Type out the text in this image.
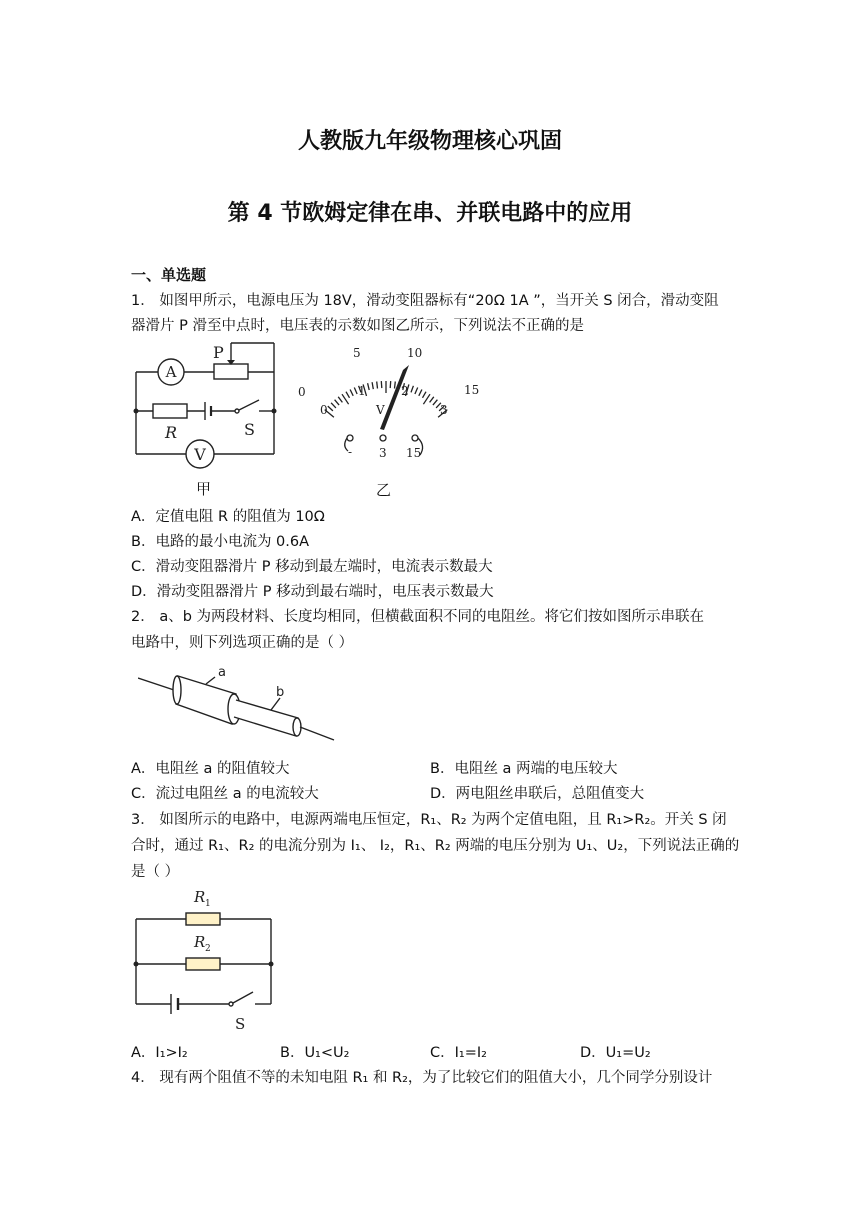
人教版九年级物理核心巩固
第 4 节欧姆定律在串、并联电路中的应用
一、单选题
1． 如图甲所示，电源电压为 18V，滑动变阻器标有“20Ω 1A ”，当开关 S 闭合，滑动变阻
器滑片 P 滑至中点时，电压表的示数如图乙所示，下列说法不正确的是
A
V
P
R	S
甲
0
5	10
15
0
1	2
3
V
- 3 15
乙
A．定值电阻 R 的阻值为 10Ω
B．电路的最小电流为 0.6A
C．滑动变阻器滑片 P 移动到最左端时，电流表示数最大
D．滑动变阻器滑片 P 移动到最右端时，电压表示数最大
2． a、b 为两段材料、长度均相同，但横截面积不同的电阻丝。将它们按如图所示串联在
电路中，则下列选项正确的是（ ）
a
b
A．电阻丝 a 的阻值较大	B．电阻丝 a 两端的电压较大
C．流过电阻丝 a 的电流较大	D．两电阻丝串联后，总阻值变大
3． 如图所示的电路中，电源两端电压恒定，R₁、R₂ 为两个定值电阻，且 R₁>R₂。开关 S 闭
合时，通过 R₁、R₂ 的电流分别为 I₁、 I₂，R₁、R₂ 两端的电压分别为 U₁、U₂，下列说法正确的
是（ ）
R 1
R 2
S
A．I₁>I₂	B．U₁<U₂	C．I₁=I₂	D．U₁=U₂
4． 现有两个阻值不等的未知电阻 R₁ 和 R₂，为了比较它们的阻值大小，几个同学分别设计
